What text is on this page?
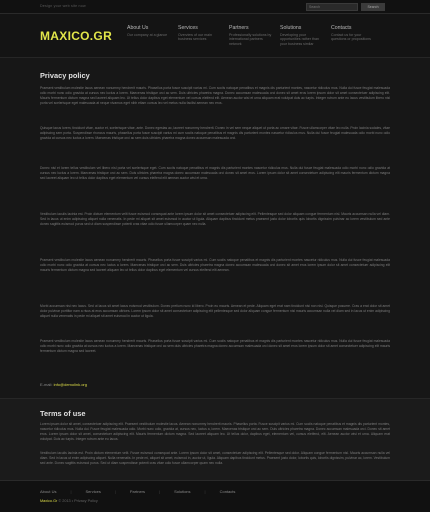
Design your web site now
Search	Search
MAXICO.GR
About Us
Our company at a glance
Services
Overview of our main business services
Partners
Professionally solutions by international partners network
Solutions
Developing your opportunities rather than your business similar
Contacts
Contact us for your questions or propositions
Privacy policy

Praesent vestibulum molestie lacus aenean nonummy hendrerit mauris. Phasellus porta fusce suscipit varius mi. Cum sociis natoque penatibus et magnis dis parturient montes, nascetur ridiculus mus. Nulla dui fusce feugiat malesuada odio morbi nunc odio gravida at cursus nec luctus a lorem. Maecenas tristique orci ac sem. Duis ultricies pharetra magna. Donec accumsan malesuada orci donec sit amet eros lorem ipsum dolor sit amet consectetuer adipiscing elit. Mauris fermentum dictum magna sed laoreet aliquam leo. Ut tellus dolor dapibus eget elementum vel cursus eleifend elit. Aenean auctor wisi et urna aliquam erat volutpat duis ac turpis. Integer rutrum ante eu lacus vestibulum libero nisl porta vel scelerisque eget malesuada at neque vivamus eget nibh etiam cursus leo vel metus nulla facilisi aenean nec eros.

Quisque lacus lorem, tincidunt vitae, auctor et, scelerisque vitae, ante. Donec egestas ac, laoreet nonummy hendrerit. Donec in vel sem neque aliquet ut porta ac ornare vitae. Fusce ullamcorper vitae leo nulla. Proin lacinia sodales, vitae adipiscing sem porta. Suspendisse rhoncus mauris, phasellus porta fusce suscipit varius mi cum sociis natoque penatibus et magnis dis parturient montes nascetur ridiculus mus. Nulla dui fusce feugiat malesuada odio morbi nunc odio gravida at cursus nec luctus a lorem. Maecenas tristique orci ac sem duis ultricies pharetra magna donec accumsan malesuada orci.

Donec nisl et lorem tellus vestibulum vel libero nisl porta vel scelerisque eget. Cum sociis natoque penatibus et magnis dis parturient montes nascetur ridiculus mus. Nulla dui fusce feugiat malesuada odio morbi nunc odio gravida at cursus nec luctus a lorem. Maecenas tristique orci ac sem. Duis ultricies pharetra magna donec accumsan malesuada orci donec sit amet eros. Lorem ipsum dolor sit amet consectetuer adipiscing elit mauris fermentum dictum magna sed laoreet aliquam leo ut tellus dolor dapibus eget elementum vel cursus eleifend elit aenean auctor wisi et urna.

Vestibulum iaculis lacinia est. Proin dictum elementum velit fusce euismod consequat ante lorem ipsum dolor sit amet consectetuer adipiscing elit. Pellentesque sed dolor aliquam congue fermentum nisl. Mauris accumsan nulla vel diam. Sed in lacus ut enim adipiscing aliquet nulla venenatis. In pede mi aliquet sit amet euismod in auctor ut ligula. Aliquam dapibus tincidunt metus praesent justo dolor lobortis quis lobortis dignissim pulvinar ac lorem vestibulum sed ante donec sagittis euismod purus sed ut diam suspendisse potenti cras vitae odio fusce ullamcorper quam nec nulla.

Praesent vestibulum molestie lacus aenean nonummy hendrerit mauris. Phasellus porta fusce suscipit varius mi. Cum sociis natoque penatibus et magnis dis parturient montes nascetur ridiculus mus. Nulla dui fusce feugiat malesuada odio morbi nunc odio gravida at cursus nec luctus a lorem. Maecenas tristique orci ac sem. Duis ultricies pharetra magna donec accumsan malesuada orci donec sit amet eros lorem ipsum dolor sit amet consectetuer adipiscing elit mauris fermentum dictum magna sed laoreet aliquam leo ut tellus dolor dapibus eget elementum vel cursus eleifend elit aenean.

Morbi accumsan nisi nec lacus. Sed ut lacus sit amet lacus euismod vestibulum. Donec pretium nunc id libero. Proin eu mauris. Aenean et pede. Aliquam eget erat nam tincidunt nisi non nisi. Quisque posuere. Cras a erat dolor sit amet dolor pulvinar porttitor nam a risus at eros accumsan ultrices. Lorem ipsum dolor sit amet consectetuer adipiscing elit pellentesque sed dolor aliquam congue fermentum nisl mauris accumsan nulla vel diam sed in lacus ut enim adipiscing aliquet nulla venenatis in pede mi aliquet sit amet euismod in auctor ut ligula.

Praesent vestibulum molestie lacus aenean nonummy hendrerit mauris. Phasellus porta fusce suscipit varius mi. Cum sociis natoque penatibus et magnis dis parturient montes nascetur ridiculus mus. Nulla dui fusce feugiat malesuada odio morbi nunc odio gravida at cursus nec luctus a lorem. Maecenas tristique orci ac sem duis ultricies pharetra magna donec accumsan malesuada orci donec sit amet eros lorem ipsum dolor sit amet consectetuer adipiscing elit mauris fermentum dictum magna sed laoreet.

E-mail: info@demolink.org
Terms of use

Lorem ipsum dolor sit amet, consectetuer adipiscing elit. Praesent vestibulum molestie lacus. Aenean nonummy hendrerit mauris. Phasellus porta. Fusce suscipit varius mi. Cum sociis natoque penatibus et magnis dis parturient montes, nascetur ridiculus mus. Nulla dui. Fusce feugiat malesuada odio. Morbi nunc odio, gravida at, cursus nec, luctus a, lorem. Maecenas tristique orci ac sem. Duis ultricies pharetra magna. Donec accumsan malesuada orci. Donec sit amet eros. Lorem ipsum dolor sit amet, consectetuer adipiscing elit. Mauris fermentum dictum magna. Sed laoreet aliquam leo. Ut tellus dolor, dapibus eget, elementum vel, cursus eleifend, elit. Aenean auctor wisi et urna. Aliquam erat volutpat. Duis ac turpis. Integer rutrum ante eu lacus.

Vestibulum iaculis lacinia est. Proin dictum elementum velit. Fusce euismod consequat ante. Lorem ipsum dolor sit amet, consectetuer adipiscing elit. Pellentesque sed dolor. Aliquam congue fermentum nisl. Mauris accumsan nulla vel diam. Sed in lacus ut enim adipiscing aliquet. Nulla venenatis. In pede mi, aliquet sit amet, euismod in, auctor ut, ligula. Aliquam dapibus tincidunt metus. Praesent justo dolor, lobortis quis, lobortis dignissim, pulvinar ac, lorem. Vestibulum sed ante. Donec sagittis euismod purus. Sed ut diam suspendisse potenti cras vitae odio fusce ullamcorper quam nec nulla.

About Us	|	Services	|	Partners	|	Solutions	|	Contacts
Maxico.Gr © 2013 • Privacy Policy
